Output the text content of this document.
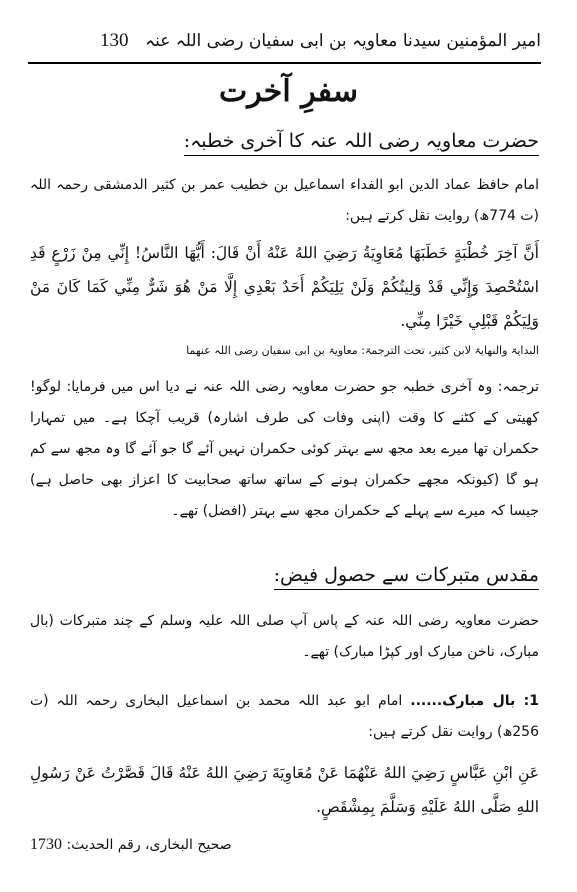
130 امیر المؤمنین سیدنا معاویہ بن ابی سفیان رضی اللہ عنہ
سفرِ آخرت
حضرت معاویہ رضی اللہ عنہ کا آخری خطبہ:
امام حافظ عماد الدین ابو الفداء اسماعیل بن خطیب عمر بن کثیر الدمشقی رحمہ اللہ (ت 774ھ) روایت نقل کرتے ہیں:
أَنَّ آخِرَ خُطْبَةٍ خَطَبَهَا مُعَاوِيَةُ رَضِيَ اللهُ عَنْهُ أَنْ قَالَ: أَيُّهَا النَّاسُ! إِنِّي مِنْ زَرْعٍ قَدِ اسْتُحْصِدَ وَإِنِّي قَدْ وَلِيتُكُمْ وَلَنْ يَلِيَكُمْ أَحَدٌ بَعْدِي إِلَّا مَنْ هُوَ شَرٌّ مِنِّي كَمَا كَانَ مَنْ وَلِيَكُمْ قَبْلِي خَيْرًا مِنِّي.
البدایۃ والنھایۃ لابن کثیر، تحت الترجمۃ: معاویۃ بن ابی سفیان رضی اللہ عنھما
ترجمہ: وہ آخری خطبہ جو حضرت معاویہ رضی اللہ عنہ نے دیا اس میں فرمایا: لوگو! کھیتی کے کٹنے کا وقت (اپنی وفات کی طرف اشارہ) قریب آچکا ہے۔ میں تمہارا حکمران تھا میرے بعد مجھ سے بہتر کوئی حکمران نہیں آئے گا جو آئے گا وہ مجھ سے کم ہو گا (کیونکہ مجھے حکمران ہونے کے ساتھ ساتھ صحابیت کا اعزاز بھی حاصل ہے) جیسا کہ میرے سے پہلے کے حکمران مجھ سے بہتر (افضل) تھے۔
مقدس متبرکات سے حصول فیض:
حضرت معاویہ رضی اللہ عنہ کے پاس آپ صلی اللہ علیہ وسلم کے چند متبرکات (بال مبارک، ناخن مبارک اور کپڑا مبارک) تھے۔
1: بال مبارک...... امام ابو عبد اللہ محمد بن اسماعیل البخاری رحمہ اللہ (ت 256ھ) روایت نقل کرتے ہیں:
عَنِ ابْنِ عَبَّاسٍ رَضِيَ اللهُ عَنْهُمَا عَنْ مُعَاوِيَةَ رَضِيَ اللهُ عَنْهُ قَالَ قَصَّرْتُ عَنْ رَسُولِ اللهِ صَلَّى اللهُ عَلَيْهِ وَسَلَّمَ بِمِشْقَصٍ.
1730 صحیح البخاری، رقم الحدیث:
